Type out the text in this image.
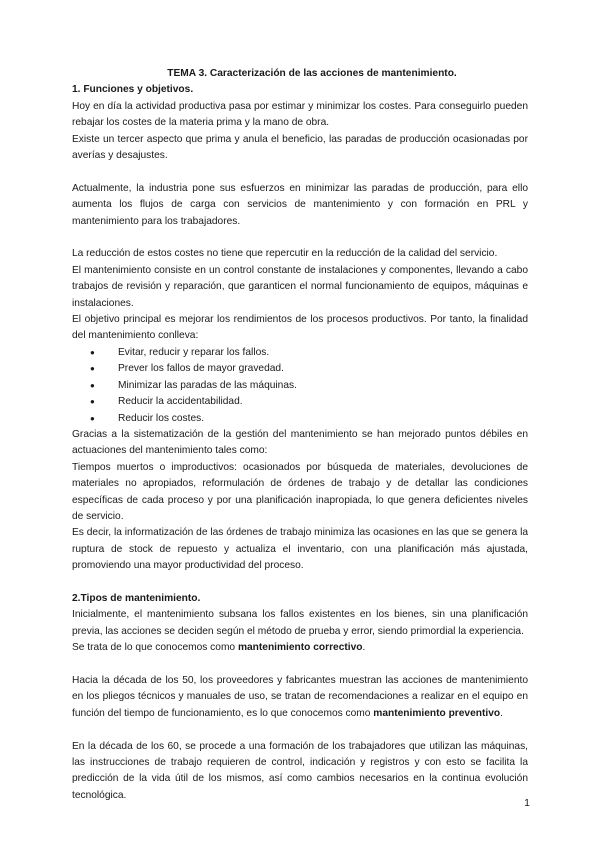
TEMA 3. Caracterización de las acciones de mantenimiento.

1. Funciones y objetivos.

Hoy en día la actividad productiva pasa por estimar y minimizar los costes. Para conseguirlo pueden rebajar los costes de la materia prima y la mano de obra.

Existe un tercer aspecto que prima y anula el beneficio, las paradas de producción ocasionadas por averías y desajustes.

Actualmente, la industria pone sus esfuerzos en minimizar las paradas de producción, para ello aumenta los flujos de carga con servicios de mantenimiento y con formación en PRL y mantenimiento para los trabajadores.

La reducción de estos costes no tiene que repercutir en la reducción de la calidad del servicio.

El mantenimiento consiste en un control constante de instalaciones y componentes, llevando a cabo trabajos de revisión y reparación, que garanticen el normal funcionamiento de equipos, máquinas e instalaciones.

El objetivo principal es mejorar los rendimientos de los procesos productivos. Por tanto, la finalidad del mantenimiento conlleva:

● Evitar, reducir y reparar los fallos.
● Prever los fallos de mayor gravedad.
● Minimizar las paradas de las máquinas.
● Reducir la accidentabilidad.
● Reducir los costes.

Gracias a la sistematización de la gestión del mantenimiento se han mejorado puntos débiles en actuaciones del mantenimiento tales como:

Tiempos muertos o improductivos: ocasionados por búsqueda de materiales, devoluciones de materiales no apropiados, reformulación de órdenes de trabajo y de detallar las condiciones específicas de cada proceso y por una planificación inapropiada, lo que genera deficientes niveles de servicio.

Es decir, la informatización de las órdenes de trabajo minimiza las ocasiones en las que se genera la ruptura de stock de repuesto y actualiza el inventario, con una planificación más ajustada, promoviendo una mayor productividad del proceso.

2.Tipos de mantenimiento.

Inicialmente, el mantenimiento subsana los fallos existentes en los bienes, sin una planificación previa, las acciones se deciden según el método de prueba y error, siendo primordial la experiencia.

Se trata de lo que conocemos como mantenimiento correctivo.

Hacia la década de los 50, los proveedores y fabricantes muestran las acciones de mantenimiento en los pliegos técnicos y manuales de uso, se tratan de recomendaciones a realizar en el equipo en función del tiempo de funcionamiento, es lo que conocemos como mantenimiento preventivo.

En la década de los 60, se procede a una formación de los trabajadores que utilizan las máquinas, las instrucciones de trabajo requieren de control, indicación y registros y con esto se facilita la predicción de la vida útil de los mismos, así como cambios necesarios en la continua evolución tecnológica.

1
